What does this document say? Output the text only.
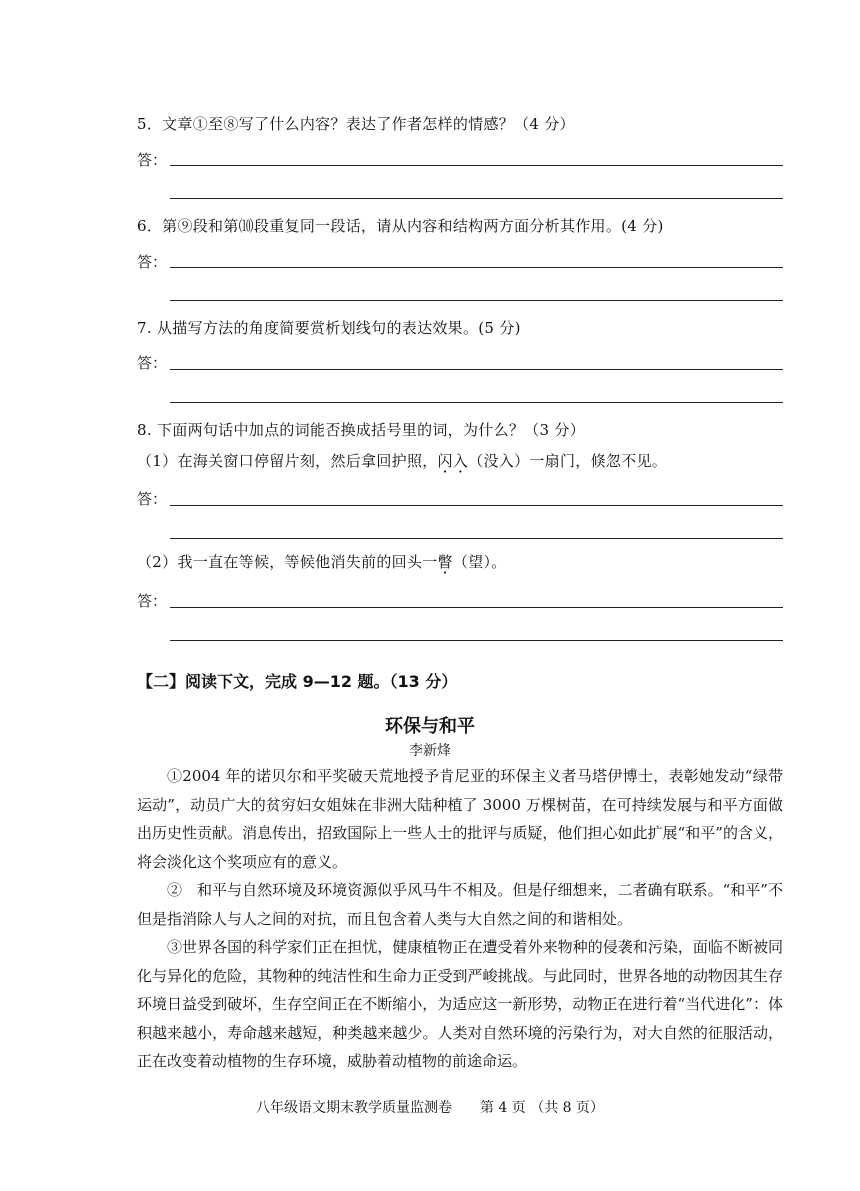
5．文章①至⑧写了什么内容？表达了作者怎样的情感？（4 分）
答：
6．第⑨段和第⑽段重复同一段话，请从内容和结构两方面分析其作用。(4 分)
答：
7. 从描写方法的角度简要赏析划线句的表达效果。(5 分)
答：
8. 下面两句话中加点的词能否换成括号里的词，为什么？（3 分）
（1）在海关窗口停留片刻，然后拿回护照，闪入（没入）一扇门，倏忽不见。
答：
（2）我一直在等候，等候他消失前的回头一瞥（望）。
答：
【二】阅读下文，完成 9—12 题。（13 分）
环保与和平
李新烽

①2004 年的诺贝尔和平奖破天荒地授予肯尼亚的环保主义者马塔伊博士，表彰她发动“绿带运动”，动员广大的贫穷妇女姐妹在非洲大陆种植了 3000 万棵树苗，在可持续发展与和平方面做出历史性贡献。消息传出，招致国际上一些人士的批评与质疑，他们担心如此扩展“和平”的含义，将会淡化这个奖项应有的意义。

②　和平与自然环境及环境资源似乎风马牛不相及。但是仔细想来，二者确有联系。“和平”不但是指消除人与人之间的对抗，而且包含着人类与大自然之间的和谐相处。

③世界各国的科学家们正在担忧，健康植物正在遭受着外来物种的侵袭和污染，面临不断被同化与异化的危险，其物种的纯洁性和生命力正受到严峻挑战。与此同时，世界各地的动物因其生存环境日益受到破坏，生存空间正在不断缩小，为适应这一新形势，动物正在进行着“当代进化”：体积越来越小，寿命越来越短，种类越来越少。人类对自然环境的污染行为，对大自然的征服活动，正在改变着动植物的生存环境，威胁着动植物的前途命运。

八年级语文期末教学质量监测卷　　第 4 页 （共 8 页）
